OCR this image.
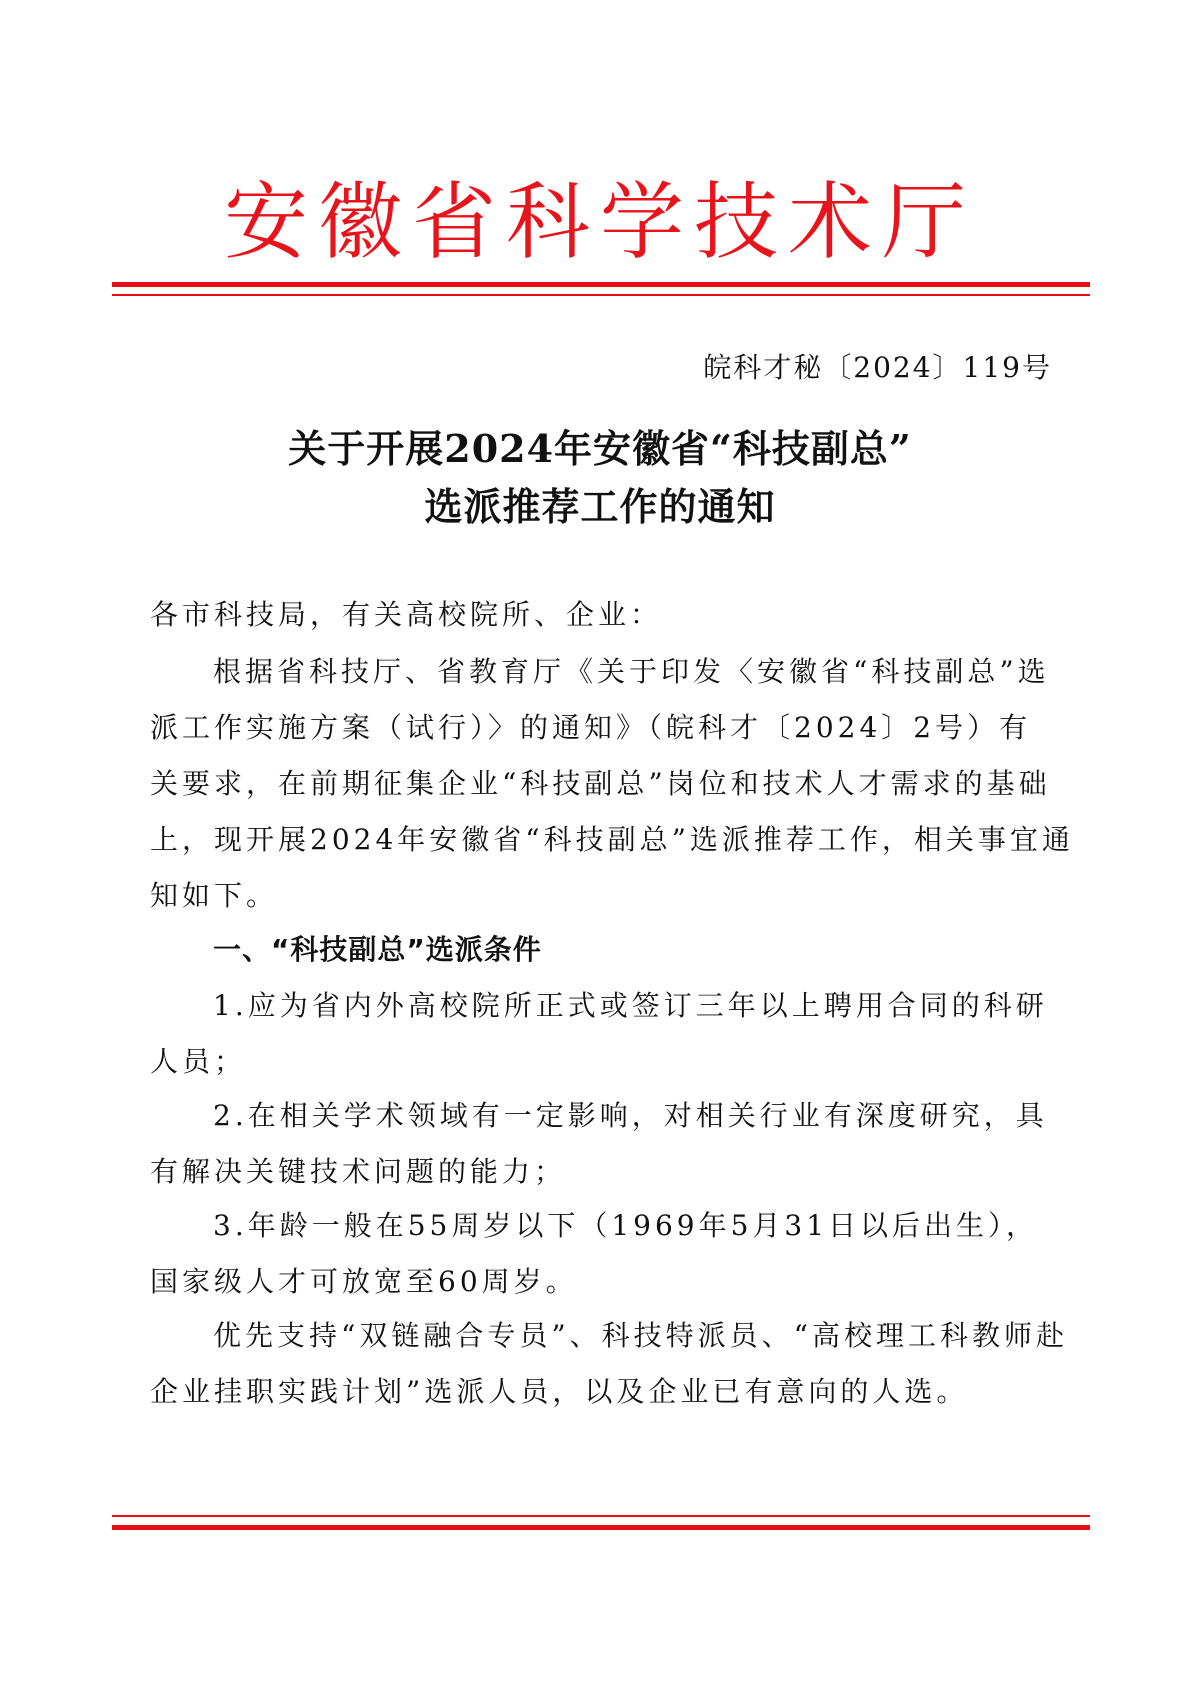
安徽省科学技术厅
皖科才秘〔2024〕119号
关于开展2024年安徽省“科技副总”
选派推荐工作的通知
各市科技局，有关高校院所、企业：
根据省科技厅、省教育厅《关于印发〈安徽省“科技副总”选
派工作实施方案（试行）〉的通知》（皖科才〔2024〕2号）有
关要求，在前期征集企业“科技副总”岗位和技术人才需求的基础
上，现开展2024年安徽省“科技副总”选派推荐工作，相关事宜通
知如下。
一、“科技副总”选派条件
1.应为省内外高校院所正式或签订三年以上聘用合同的科研
人员；
2.在相关学术领域有一定影响，对相关行业有深度研究，具
有解决关键技术问题的能力；
3.年龄一般在55周岁以下（1969年5月31日以后出生），
国家级人才可放宽至60周岁。
优先支持“双链融合专员”、科技特派员、“高校理工科教师赴
企业挂职实践计划”选派人员，以及企业已有意向的人选。
